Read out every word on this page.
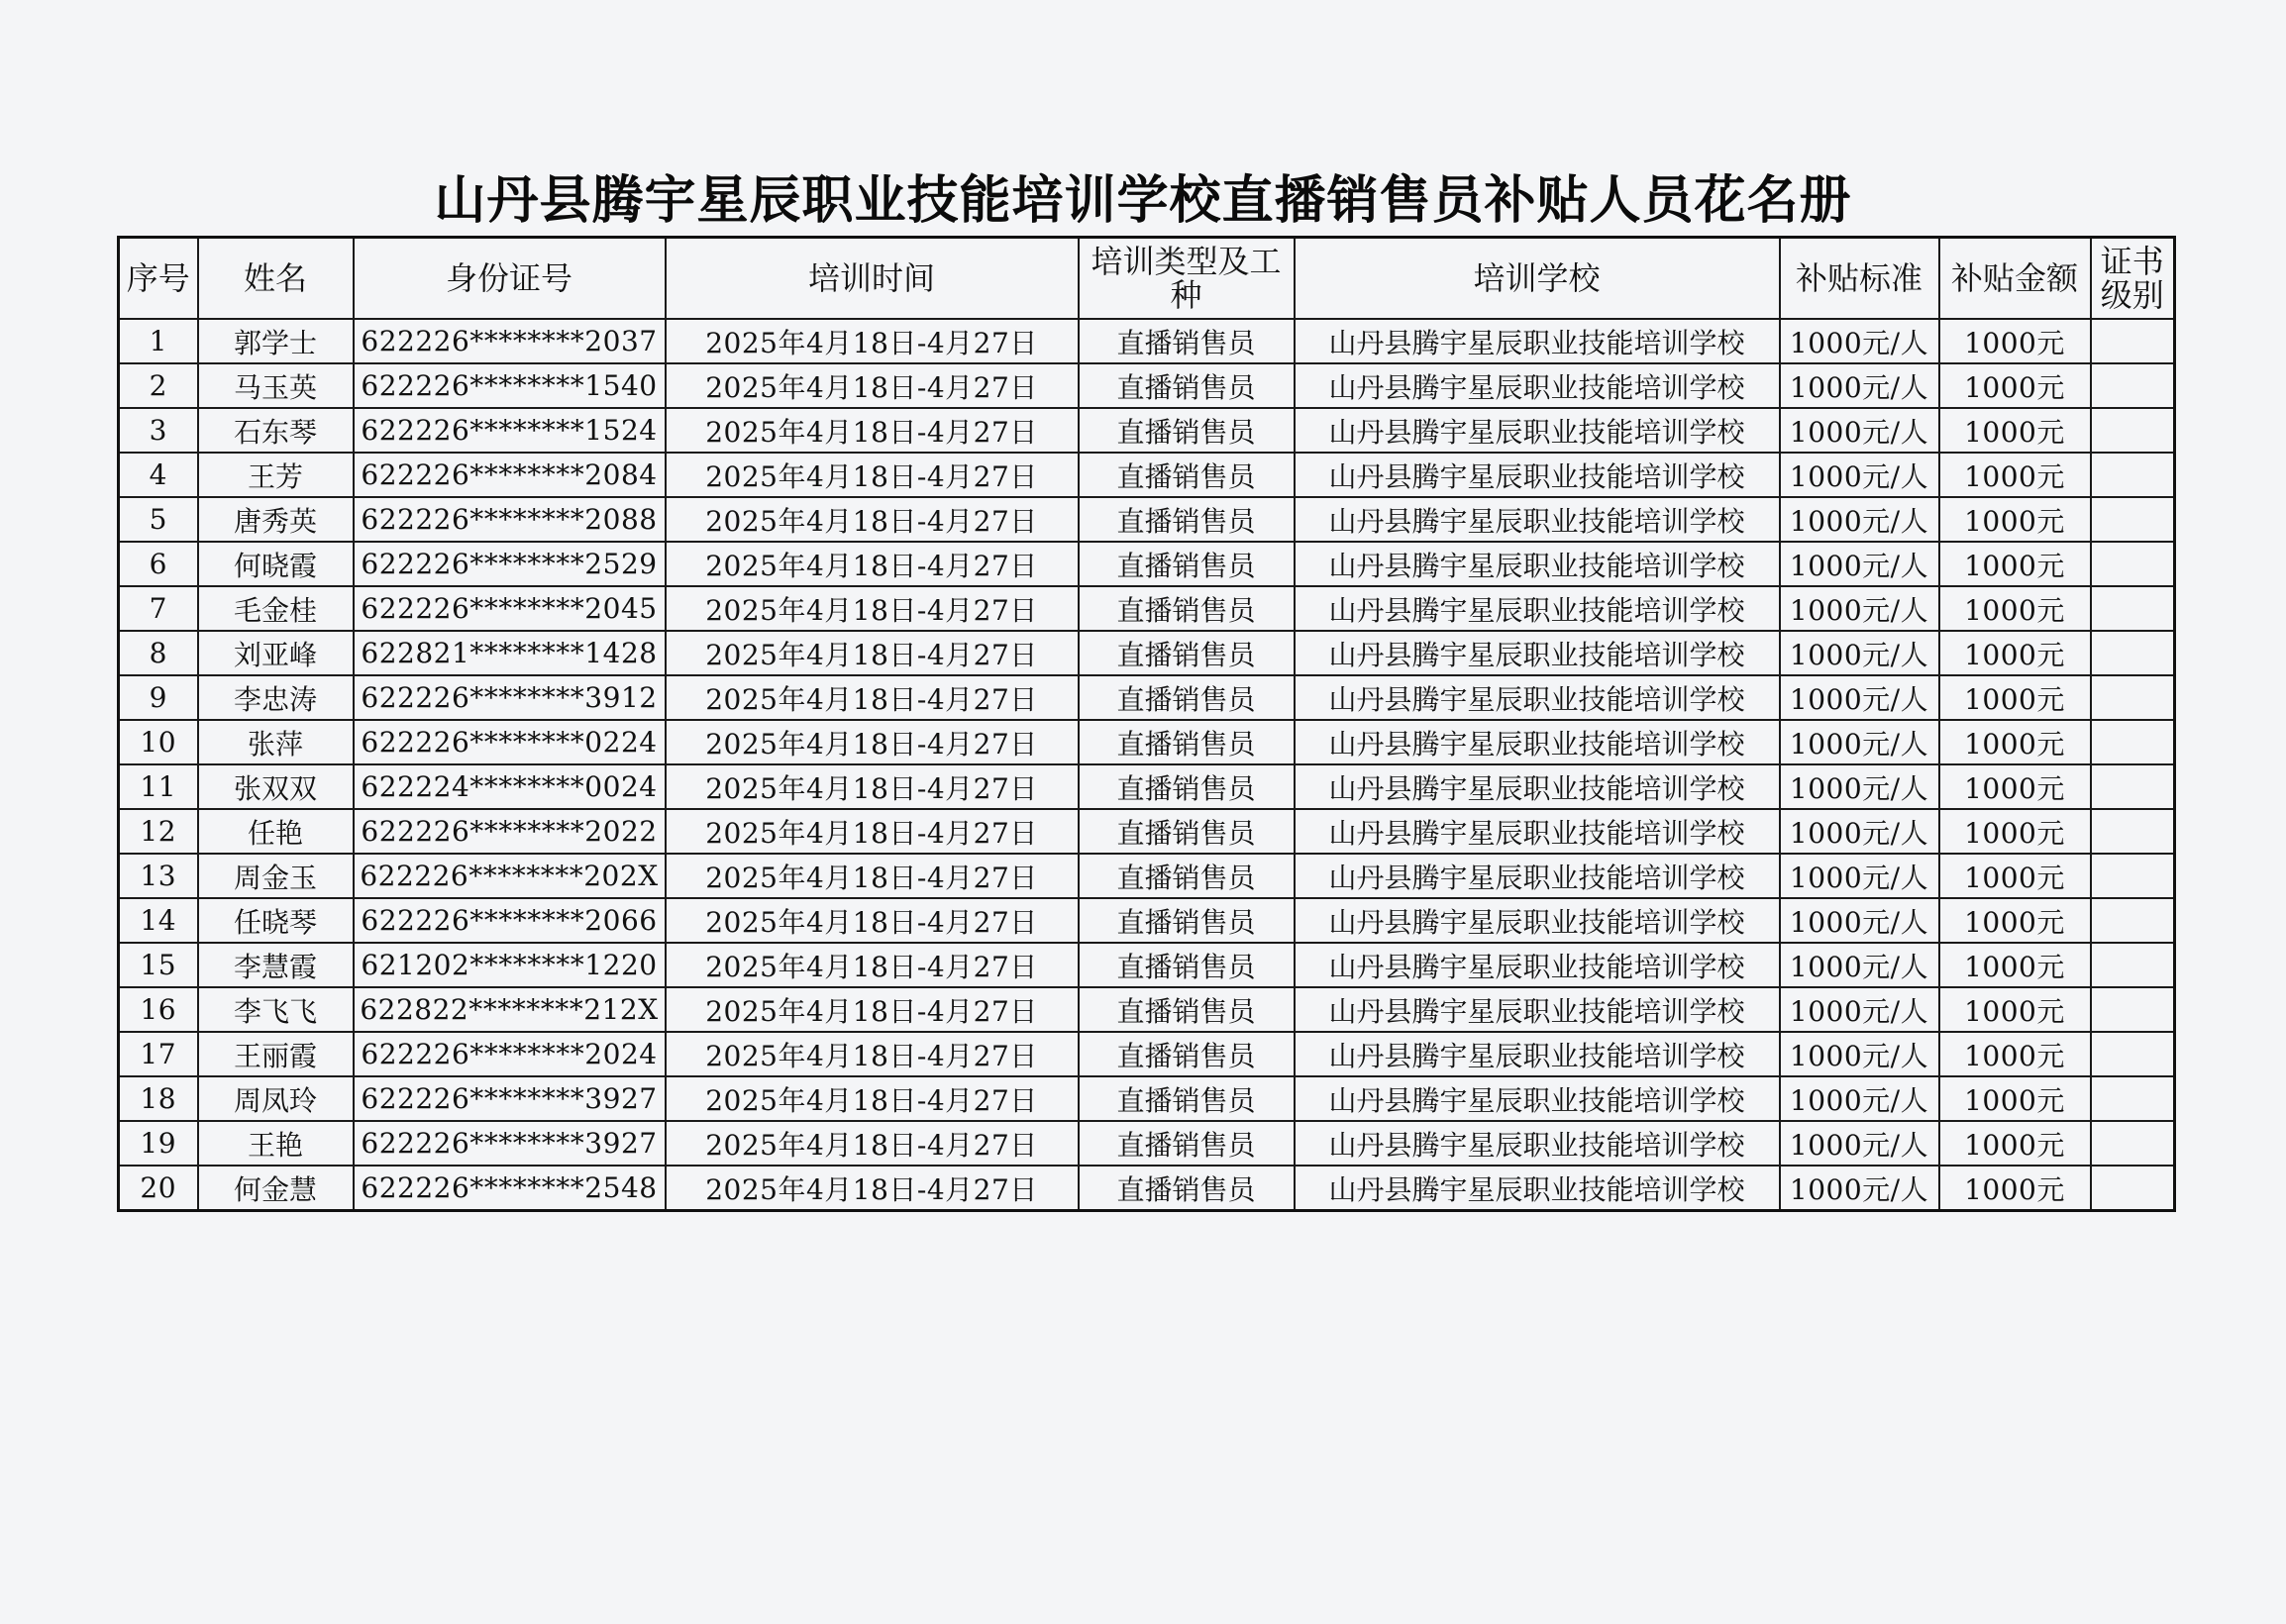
山丹县腾宇星辰职业技能培训学校直播销售员补贴人员花名册
序号	姓名	身份证号	培训时间	培训类型及工种	培训学校	补贴标准	补贴金额	证书级别
1	郭学士	622226********2037	2025年4月18日-4月27日	直播销售员	山丹县腾宇星辰职业技能培训学校	1000元/人	1000元	
2	马玉英	622226********1540	2025年4月18日-4月27日	直播销售员	山丹县腾宇星辰职业技能培训学校	1000元/人	1000元	
3	石东琴	622226********1524	2025年4月18日-4月27日	直播销售员	山丹县腾宇星辰职业技能培训学校	1000元/人	1000元	
4	王芳	622226********2084	2025年4月18日-4月27日	直播销售员	山丹县腾宇星辰职业技能培训学校	1000元/人	1000元	
5	唐秀英	622226********2088	2025年4月18日-4月27日	直播销售员	山丹县腾宇星辰职业技能培训学校	1000元/人	1000元	
6	何晓霞	622226********2529	2025年4月18日-4月27日	直播销售员	山丹县腾宇星辰职业技能培训学校	1000元/人	1000元	
7	毛金桂	622226********2045	2025年4月18日-4月27日	直播销售员	山丹县腾宇星辰职业技能培训学校	1000元/人	1000元	
8	刘亚峰	622821********1428	2025年4月18日-4月27日	直播销售员	山丹县腾宇星辰职业技能培训学校	1000元/人	1000元	
9	李忠涛	622226********3912	2025年4月18日-4月27日	直播销售员	山丹县腾宇星辰职业技能培训学校	1000元/人	1000元	
10	张萍	622226********0224	2025年4月18日-4月27日	直播销售员	山丹县腾宇星辰职业技能培训学校	1000元/人	1000元	
11	张双双	622224********0024	2025年4月18日-4月27日	直播销售员	山丹县腾宇星辰职业技能培训学校	1000元/人	1000元	
12	任艳	622226********2022	2025年4月18日-4月27日	直播销售员	山丹县腾宇星辰职业技能培训学校	1000元/人	1000元	
13	周金玉	622226********202X	2025年4月18日-4月27日	直播销售员	山丹县腾宇星辰职业技能培训学校	1000元/人	1000元	
14	任晓琴	622226********2066	2025年4月18日-4月27日	直播销售员	山丹县腾宇星辰职业技能培训学校	1000元/人	1000元	
15	李慧霞	621202********1220	2025年4月18日-4月27日	直播销售员	山丹县腾宇星辰职业技能培训学校	1000元/人	1000元	
16	李飞飞	622822********212X	2025年4月18日-4月27日	直播销售员	山丹县腾宇星辰职业技能培训学校	1000元/人	1000元	
17	王丽霞	622226********2024	2025年4月18日-4月27日	直播销售员	山丹县腾宇星辰职业技能培训学校	1000元/人	1000元	
18	周凤玲	622226********3927	2025年4月18日-4月27日	直播销售员	山丹县腾宇星辰职业技能培训学校	1000元/人	1000元	
19	王艳	622226********3927	2025年4月18日-4月27日	直播销售员	山丹县腾宇星辰职业技能培训学校	1000元/人	1000元	
20	何金慧	622226********2548	2025年4月18日-4月27日	直播销售员	山丹县腾宇星辰职业技能培训学校	1000元/人	1000元	
